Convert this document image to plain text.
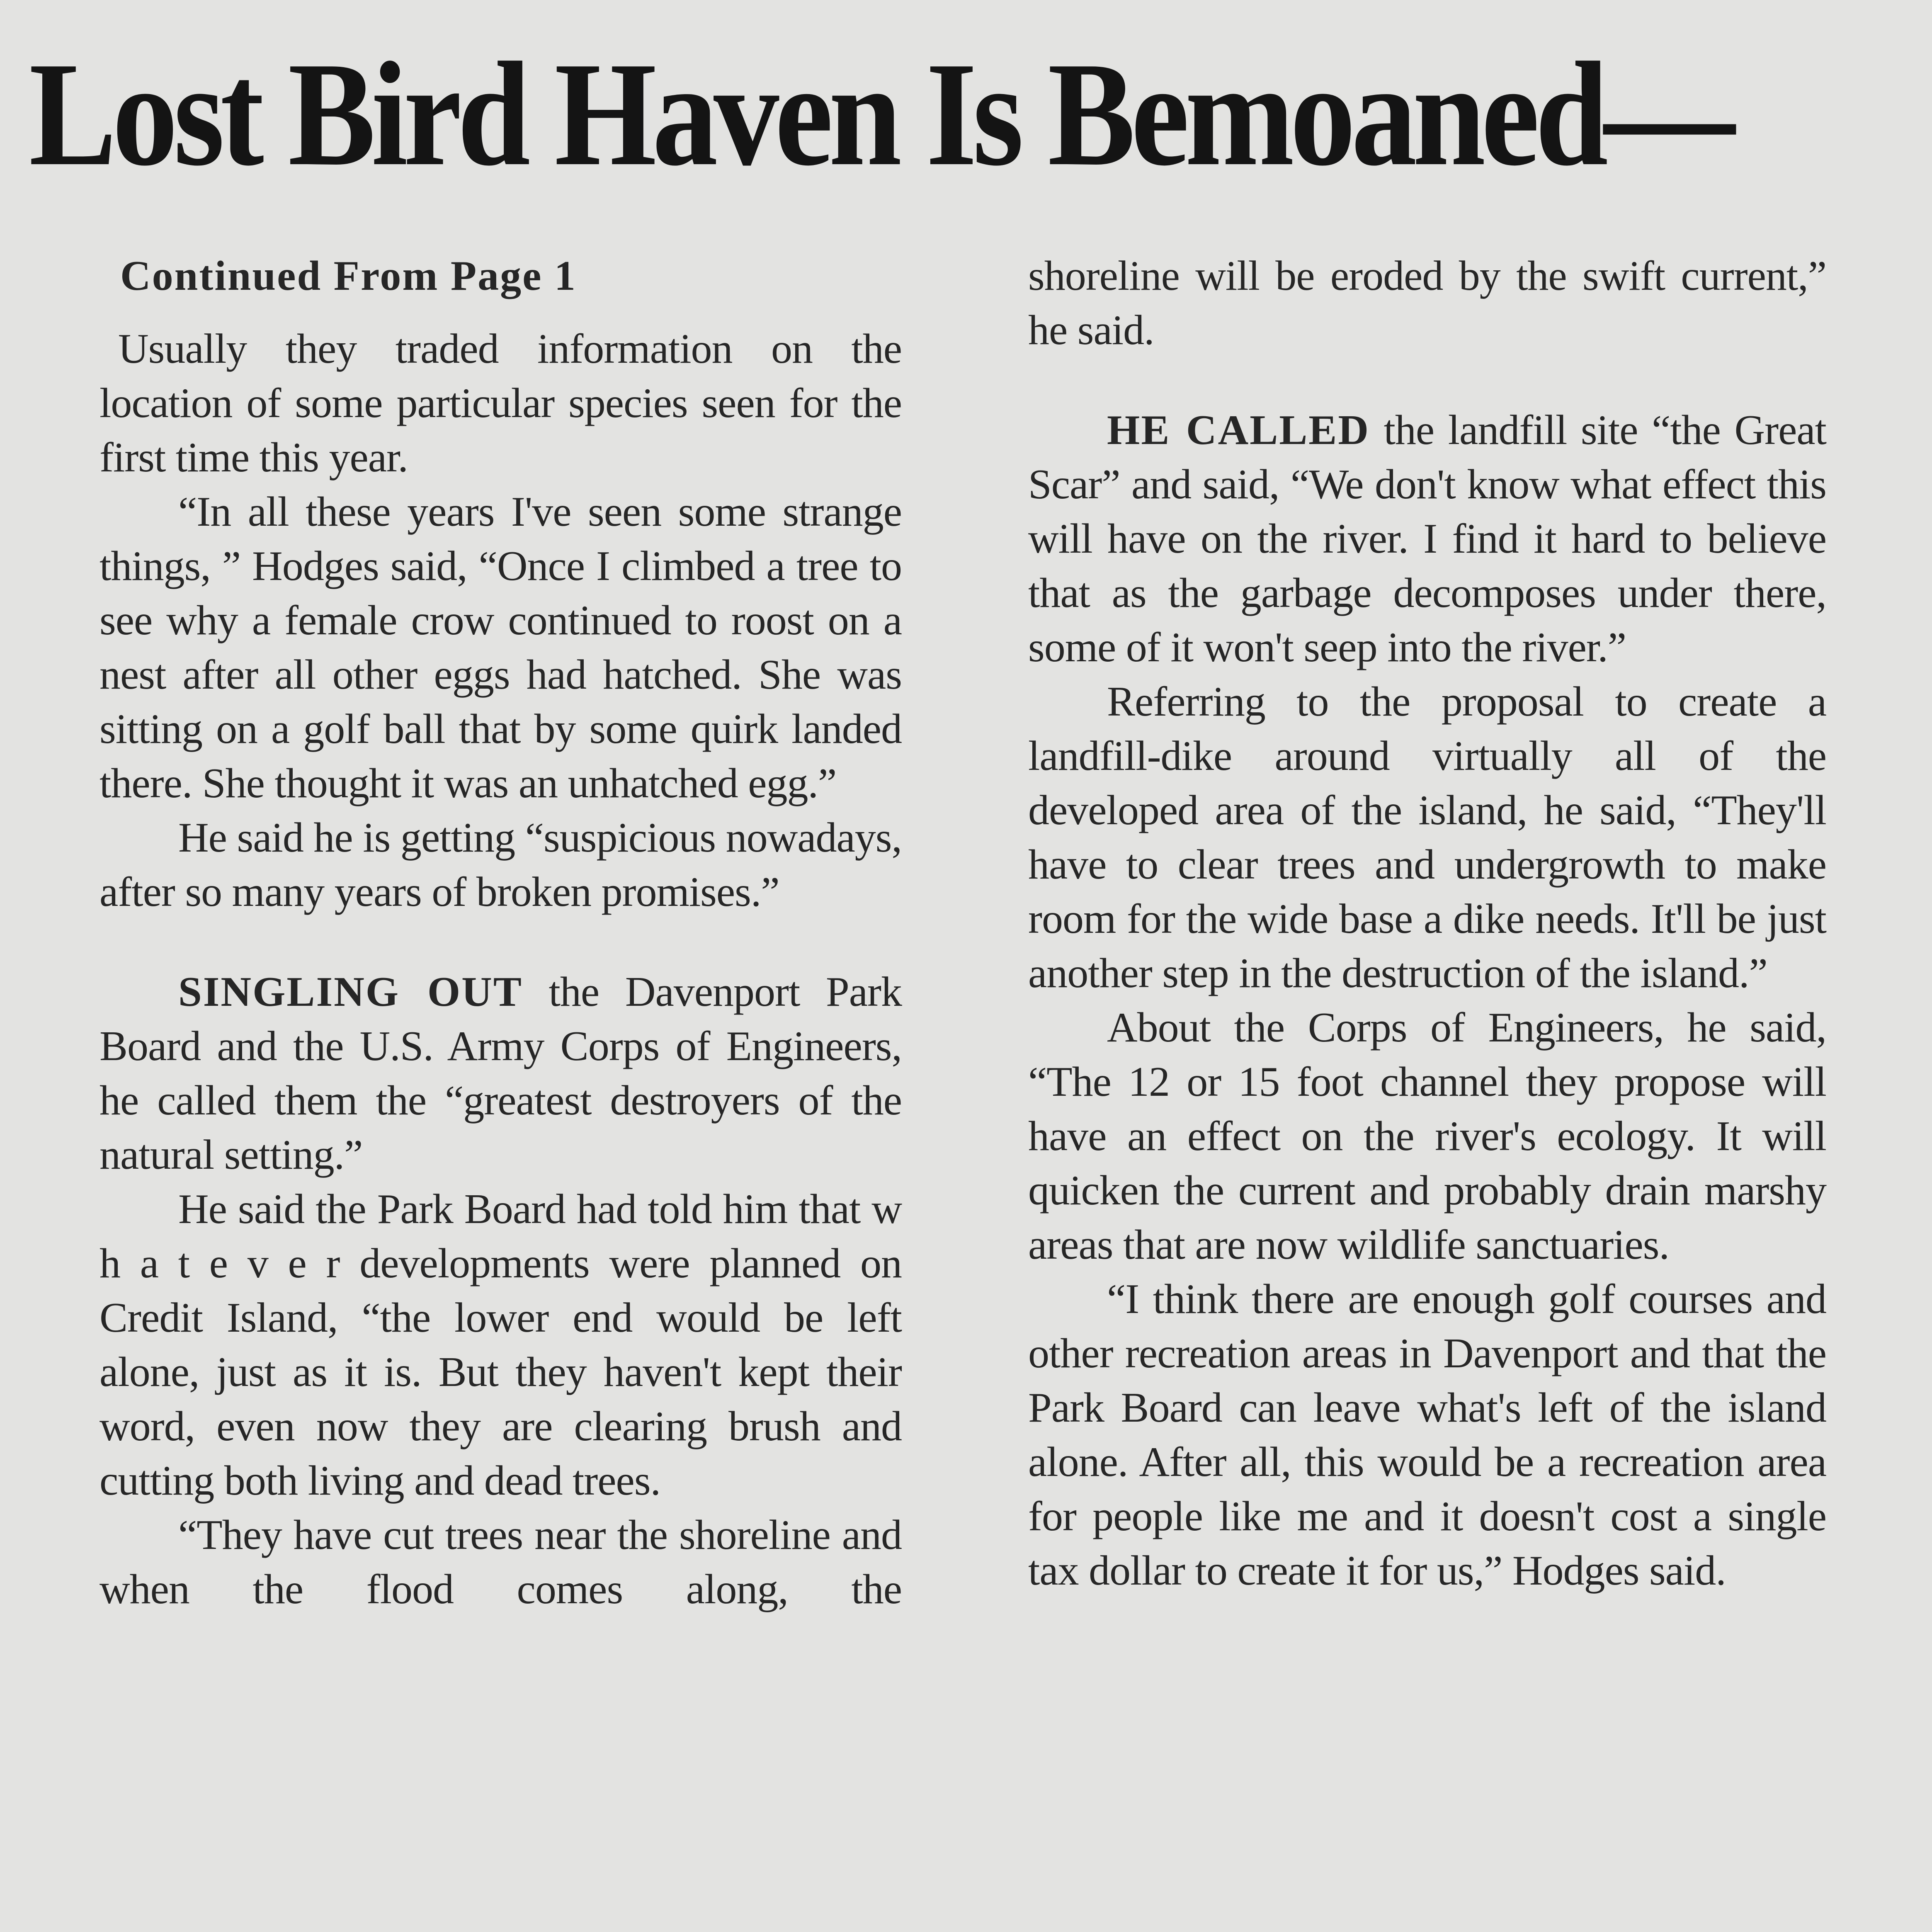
Lost Bird Haven Is Bemoaned—

Continued From Page 1

Usually they traded information on the location of some particular species seen for the first time this year.

“In all these years I've seen some strange things, ” Hodges said, “Once I climbed a tree to see why a female crow continued to roost on a nest after all other eggs had hatched. She was sitting on a golf ball that by some quirk landed there. She thought it was an unhatched egg.”

He said he is getting “suspicious nowadays, after so many years of broken promises.”

SINGLING OUT the Davenport Park Board and the U.S. Army Corps of Engineers, he called them the “greatest destroyers of the natural setting.”

He said the Park Board had told him that w h a t e v e r developments were planned on Credit Island, “the lower end would be left alone, just as it is. But they haven't kept their word, even now they are clearing brush and cutting both living and dead trees.

“They have cut trees near the shoreline and when the flood comes along, the

shoreline will be eroded by the swift current,” he said.

HE CALLED the landfill site “the Great Scar” and said, “We don't know what effect this will have on the river. I find it hard to believe that as the garbage decomposes under there, some of it won't seep into the river.”

Referring to the proposal to create a landfill-dike around virtually all of the developed area of the island, he said, “They'll have to clear trees and undergrowth to make room for the wide base a dike needs. It'll be just another step in the destruction of the island.”

About the Corps of Engineers, he said, “The 12 or 15 foot channel they propose will have an effect on the river's ecology. It will quicken the current and probably drain marshy areas that are now wildlife sanctuaries.

“I think there are enough golf courses and other recreation areas in Davenport and that the Park Board can leave what's left of the island alone. After all, this would be a recreation area for people like me and it doesn't cost a single tax dollar to create it for us,” Hodges said.
